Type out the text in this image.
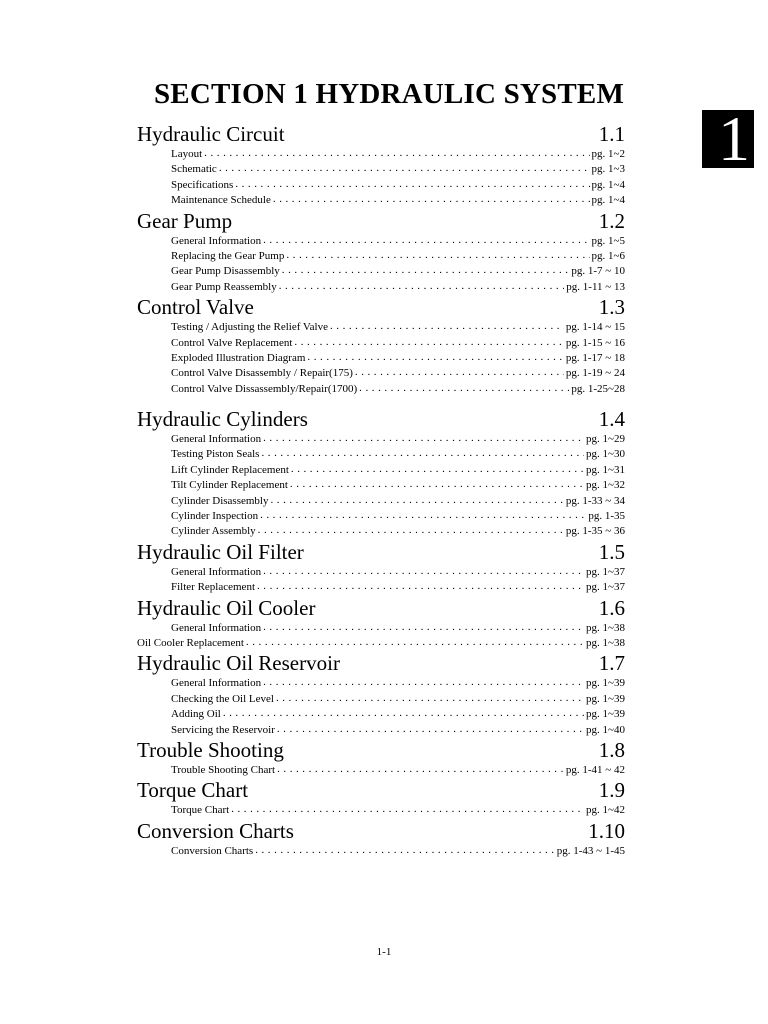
SECTION 1 HYDRAULIC SYSTEM
1
Hydraulic Circuit	1.1
Layout . . .	pg. 1~2
Schematic . . .	pg. 1~3
Specifications . . .	pg. 1~4
Maintenance Schedule . . .	pg. 1~4
Gear Pump	1.2
General Information . . .	pg. 1~5
Replacing the Gear Pump . . .	pg. 1~6
Gear Pump Disassembly . . .	pg. 1-7 ~ 10
Gear Pump Reassembly . . .	pg. 1-11 ~ 13
Control Valve	1.3
Testing / Adjusting the Relief Valve . . .	pg. 1-14 ~ 15
Control Valve Replacement . . .	pg. 1-15 ~ 16
Exploded Illustration Diagram . . .	pg. 1-17 ~ 18
Control Valve Disassembly / Repair(175) . . .	pg. 1-19 ~ 24
Control Valve Dissassembly/Repair(1700) . . .	pg. 1-25~28
Hydraulic Cylinders	1.4
General Information . . .	pg. 1~29
Testing Piston Seals . . .	pg. 1~30
Lift Cylinder Replacement . . .	pg. 1~31
Tilt Cylinder Replacement . . .	pg. 1~32
Cylinder Disassembly . . .	pg. 1-33 ~ 34
Cylinder Inspection . . .	pg. 1-35
Cylinder Assembly . . .	pg. 1-35 ~ 36
Hydraulic Oil Filter	1.5
General Information . . .	pg. 1~37
Filter Replacement . . .	pg. 1~37
Hydraulic Oil Cooler	1.6
General Information . . .	pg. 1~38
Oil Cooler Replacement . . .	pg. 1~38
Hydraulic Oil Reservoir	1.7
General Information . . .	pg. 1~39
Checking the Oil Level . . .	pg. 1~39
Adding Oil . . .	pg. 1~39
Servicing the Reservoir . . .	pg. 1~40
Trouble Shooting	1.8
Trouble Shooting Chart . . .	pg. 1-41 ~ 42
Torque Chart	1.9
Torque Chart . . .	pg. 1~42
Conversion Charts	1.10
Conversion Charts . . .	pg. 1-43 ~ 1-45
1-1
